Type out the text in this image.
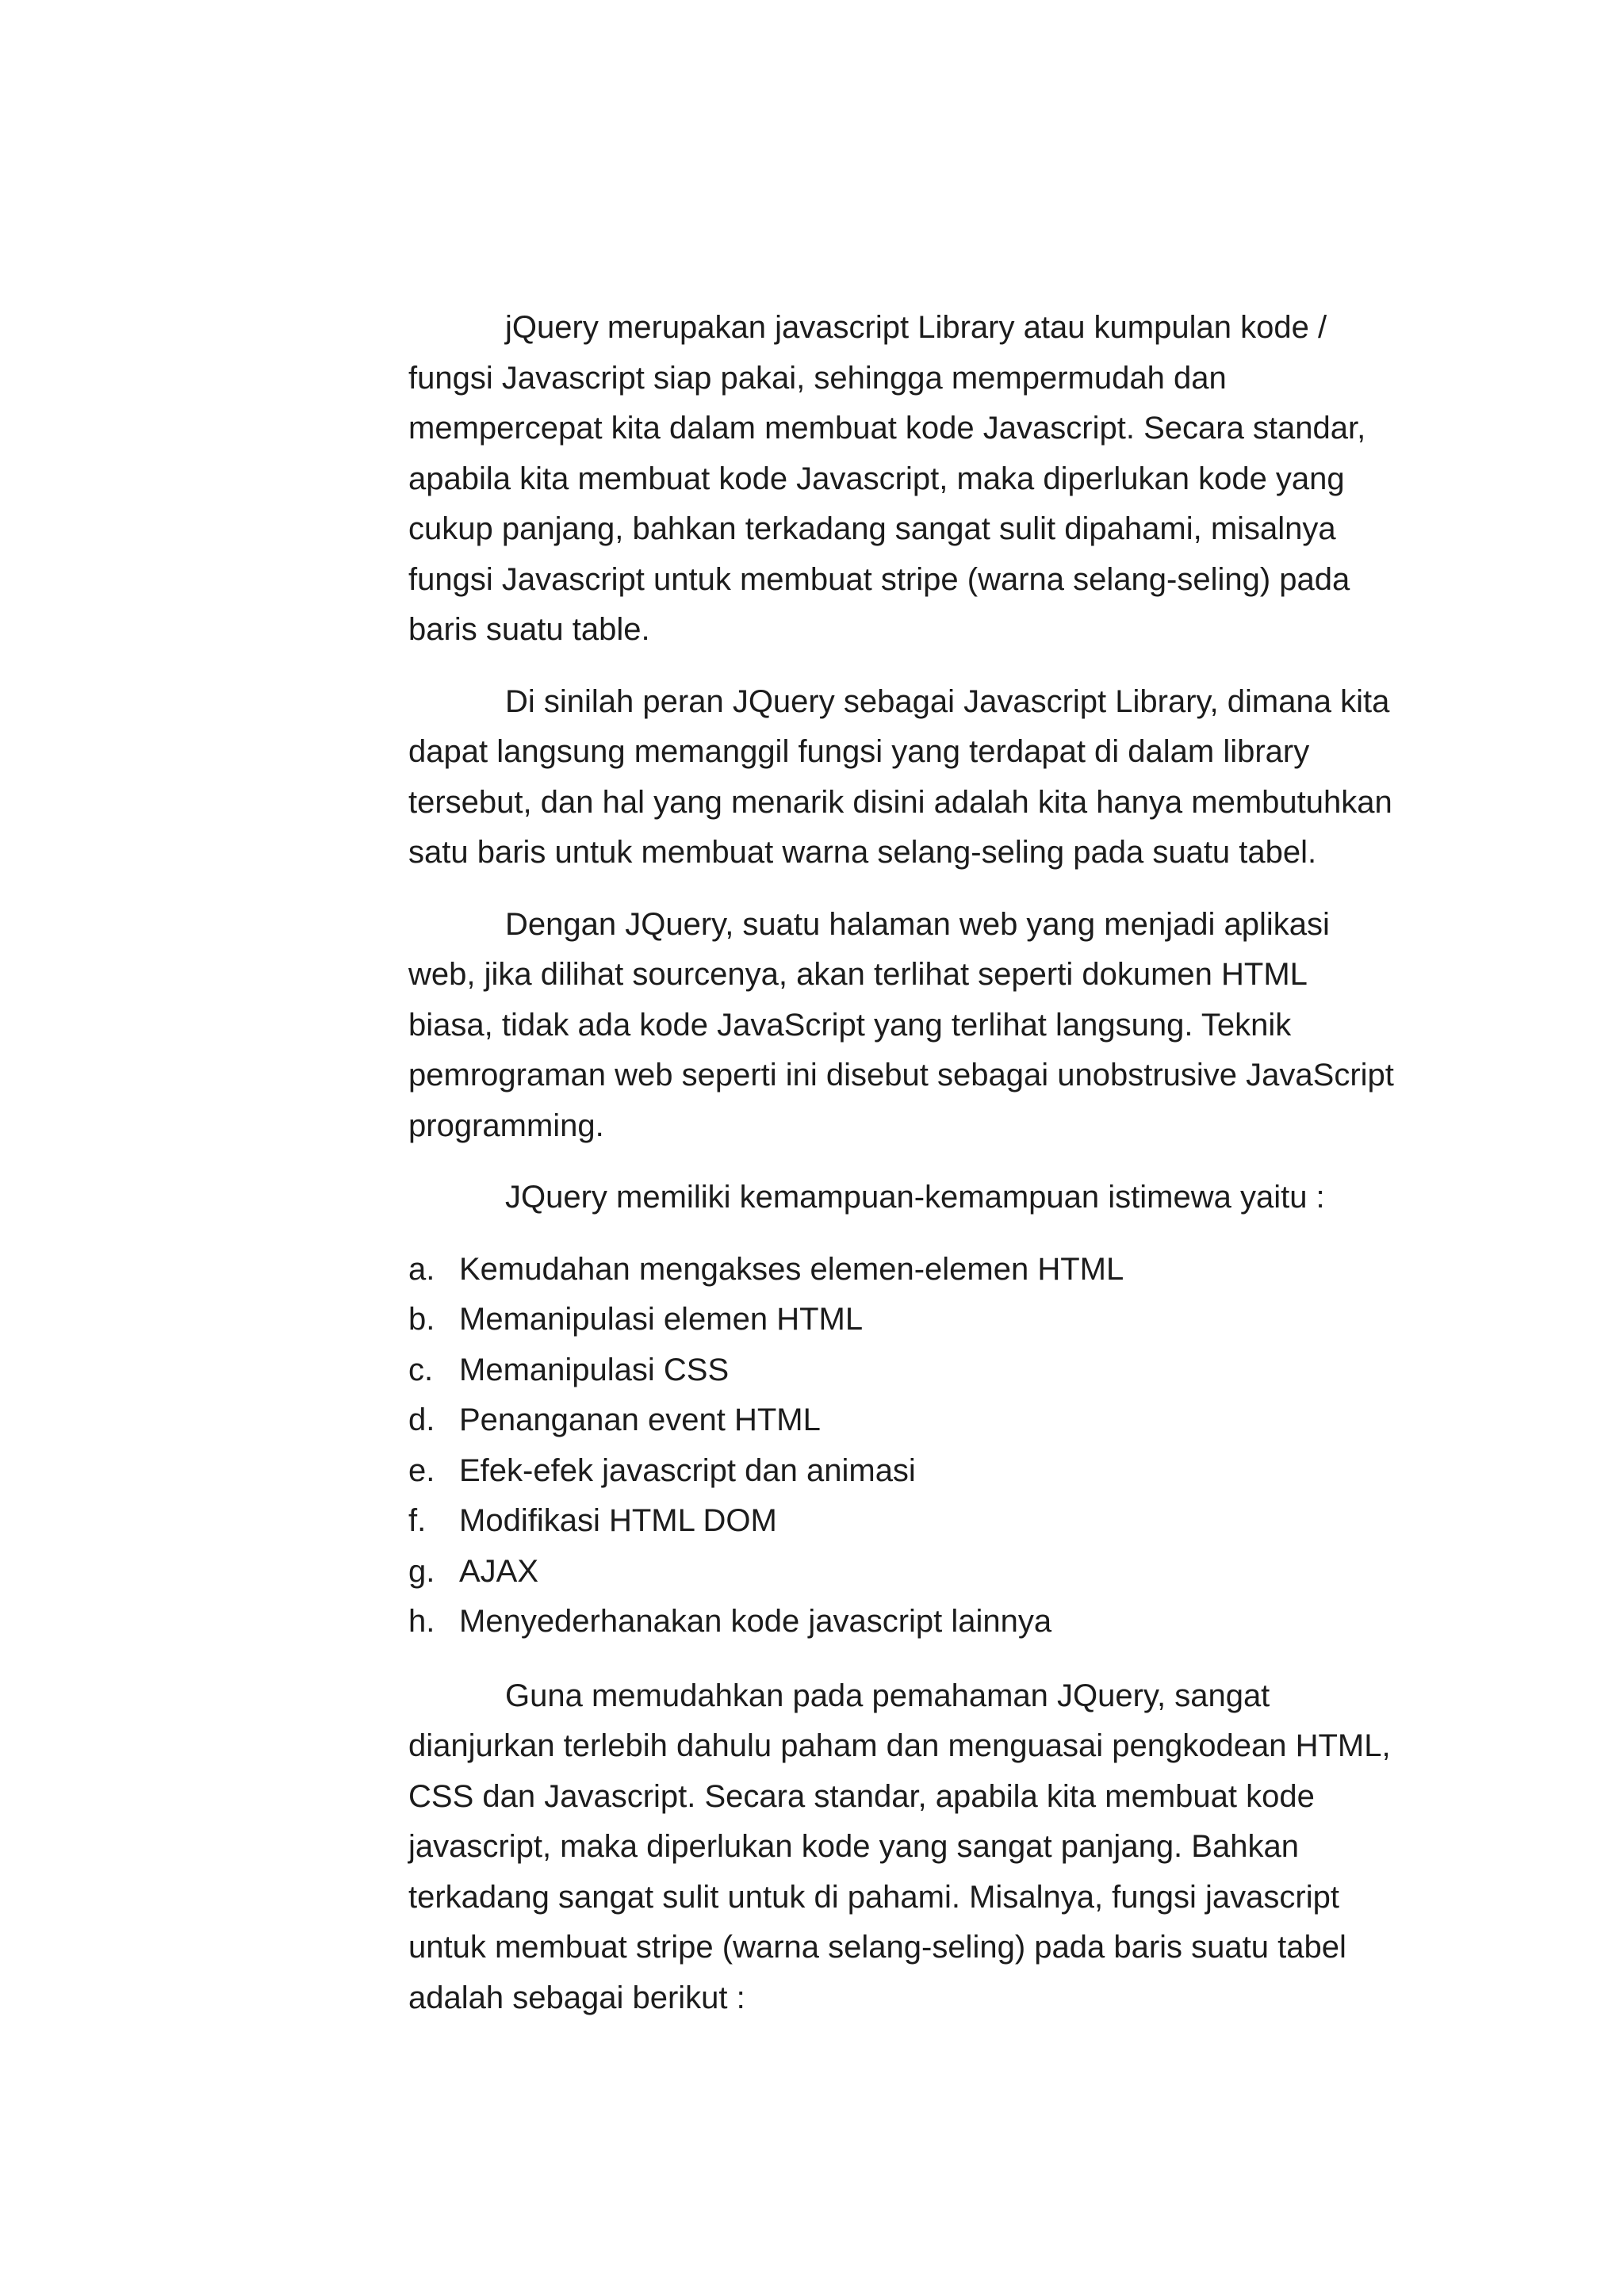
jQuery merupakan javascript Library atau kumpulan kode / fungsi Javascript siap pakai, sehingga mempermudah dan mempercepat kita dalam membuat kode Javascript. Secara standar, apabila kita membuat kode Javascript, maka diperlukan kode yang cukup panjang, bahkan terkadang sangat sulit dipahami, misalnya fungsi Javascript untuk membuat stripe (warna selang-seling) pada baris suatu table.

Di sinilah peran JQuery sebagai Javascript Library, dimana kita dapat langsung memanggil fungsi yang terdapat di dalam library tersebut, dan hal yang menarik disini adalah kita hanya membutuhkan satu baris untuk membuat warna selang-seling pada suatu tabel.

Dengan JQuery, suatu halaman web yang menjadi aplikasi web, jika dilihat sourcenya, akan terlihat seperti dokumen HTML biasa, tidak ada kode JavaScript yang terlihat langsung. Teknik pemrograman web seperti ini disebut sebagai unobstrusive JavaScript programming.

JQuery memiliki kemampuan-kemampuan istimewa yaitu :

a. Kemudahan mengakses elemen-elemen HTML
b. Memanipulasi elemen HTML
c. Memanipulasi CSS
d. Penanganan event HTML
e. Efek-efek javascript dan animasi
f.	Modifikasi HTML DOM
g. AJAX
h. Menyederhanakan kode javascript lainnya

Guna memudahkan pada pemahaman JQuery, sangat dianjurkan terlebih dahulu paham dan menguasai pengkodean HTML, CSS dan Javascript. Secara standar, apabila kita membuat kode javascript, maka diperlukan kode yang sangat panjang. Bahkan terkadang sangat sulit untuk di pahami. Misalnya, fungsi javascript untuk membuat stripe (warna selang-seling) pada baris suatu tabel adalah sebagai berikut :
